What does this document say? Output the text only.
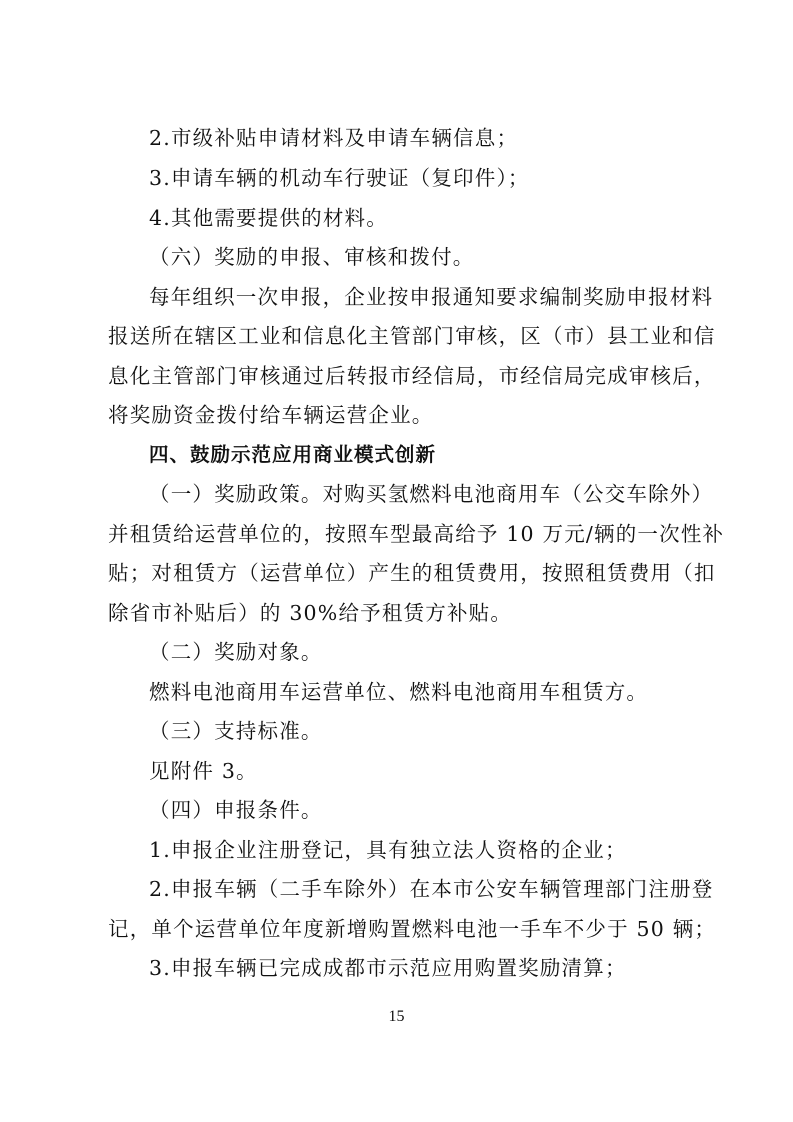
2.市级补贴申请材料及申请车辆信息；
3.申请车辆的机动车行驶证（复印件）；
4.其他需要提供的材料。
（六）奖励的申报、审核和拨付。
每年组织一次申报，企业按申报通知要求编制奖励申报材料
报送所在辖区工业和信息化主管部门审核，区（市）县工业和信
息化主管部门审核通过后转报市经信局，市经信局完成审核后，
将奖励资金拨付给车辆运营企业。
四、鼓励示范应用商业模式创新
（一）奖励政策。对购买氢燃料电池商用车（公交车除外）
并租赁给运营单位的，按照车型最高给予 10 万元/辆的一次性补
贴；对租赁方（运营单位）产生的租赁费用，按照租赁费用（扣
除省市补贴后）的 30%给予租赁方补贴。
（二）奖励对象。
燃料电池商用车运营单位、燃料电池商用车租赁方。
（三）支持标准。
见附件 3。
（四）申报条件。
1.申报企业注册登记，具有独立法人资格的企业；
2.申报车辆（二手车除外）在本市公安车辆管理部门注册登
记，单个运营单位年度新增购置燃料电池一手车不少于 50 辆；
3.申报车辆已完成成都市示范应用购置奖励清算；
15
